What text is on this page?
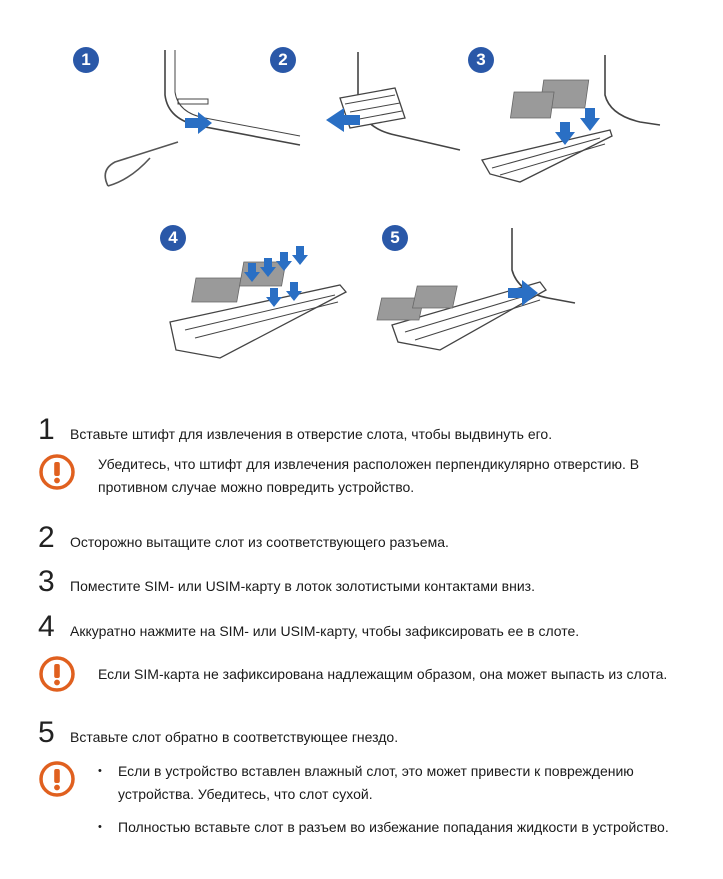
1	2	3
4	5
1	Вставьте штифт для извлечения в отверстие слота, чтобы выдвинуть его.
Убедитесь, что штифт для извлечения расположен перпендикулярно отверстию. В противном случае можно повредить устройство.
2	Осторожно вытащите слот из соответствующего разъема.
3	Поместите SIM- или USIM-карту в лоток золотистыми контактами вниз.
4	Аккуратно нажмите на SIM- или USIM-карту, чтобы зафиксировать ее в слоте.
Если SIM-карта не зафиксирована надлежащим образом, она может выпасть из слота.
5	Вставьте слот обратно в соответствующее гнездо.
• Если в устройство вставлен влажный слот, это может привести к повреждению устройства. Убедитесь, что слот сухой.
• Полностью вставьте слот в разъем во избежание попадания жидкости в устройство.
